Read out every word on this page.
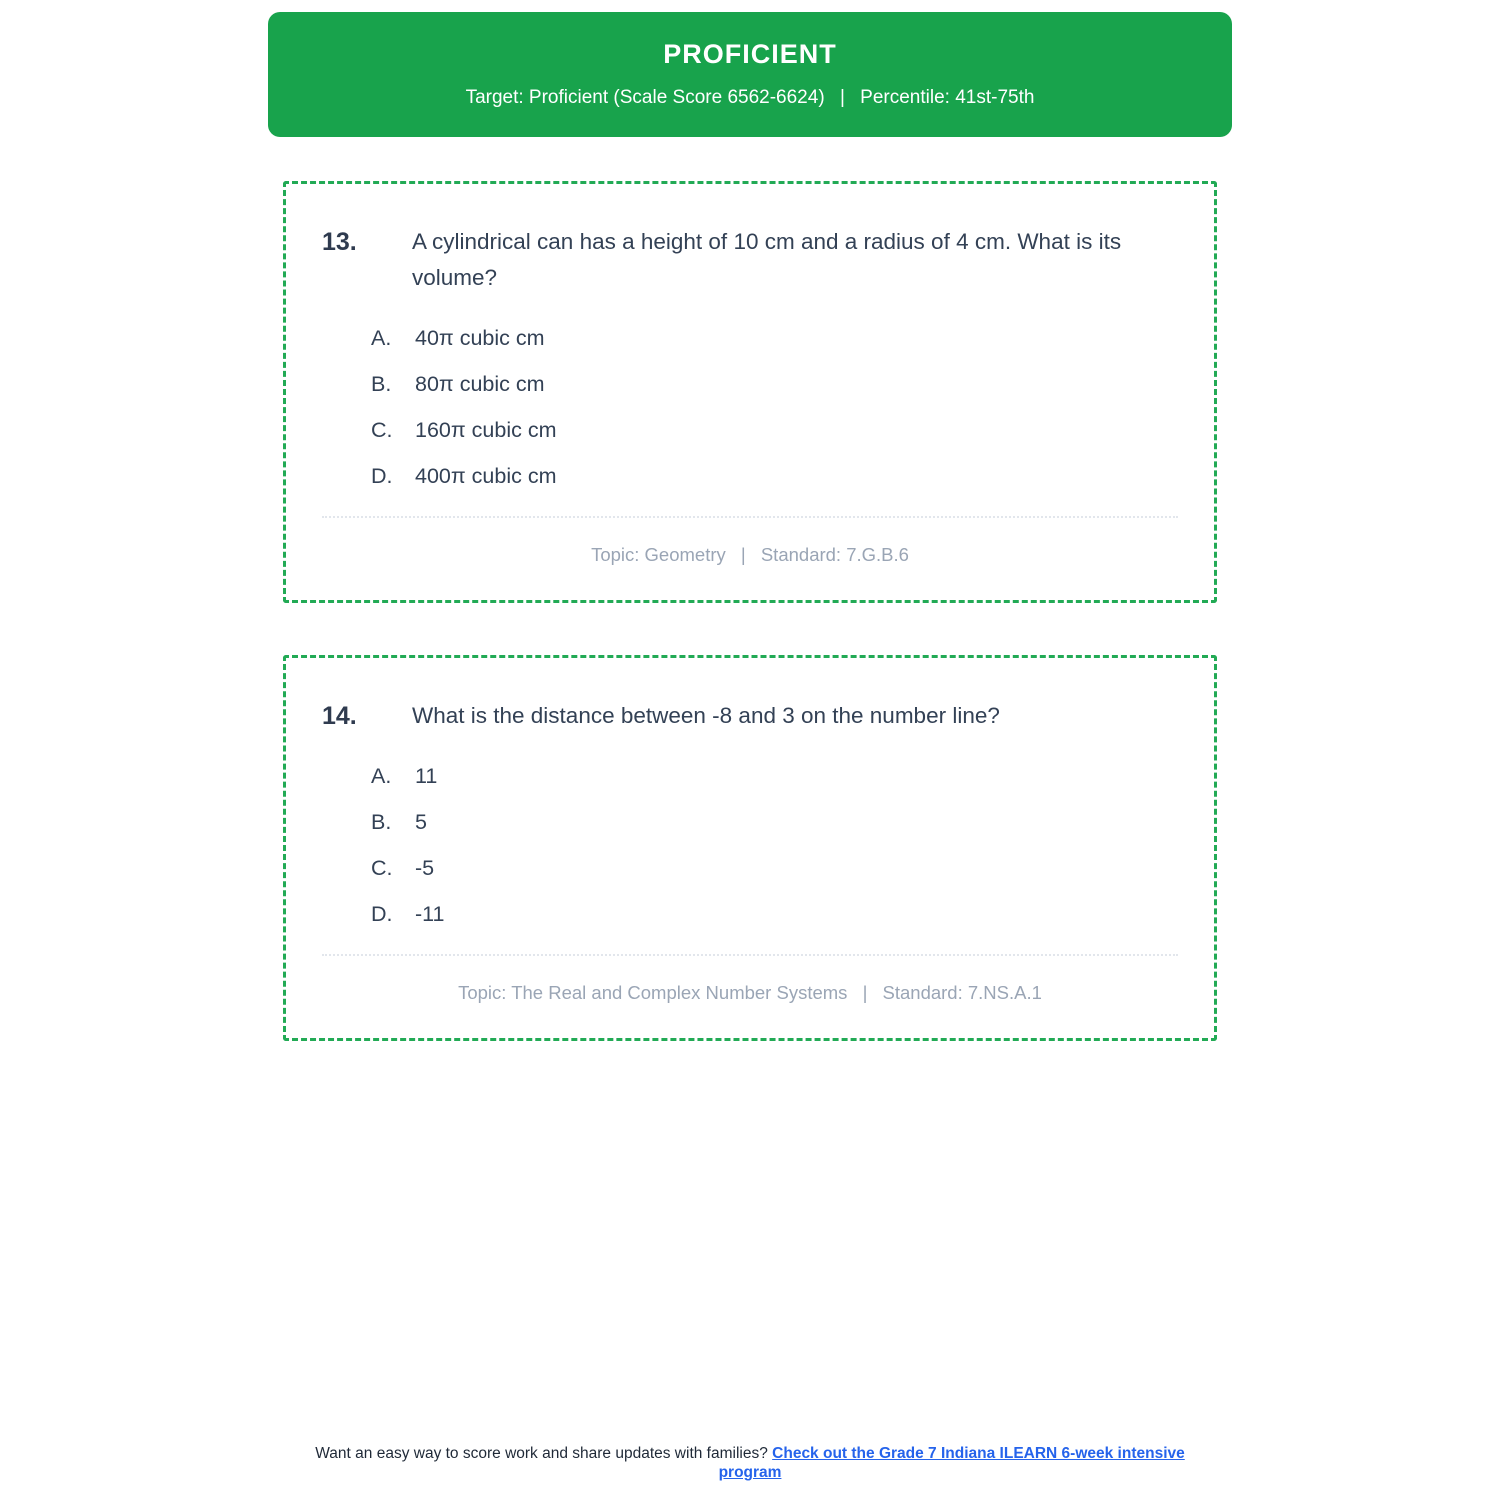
PROFICIENT
Target: Proficient (Scale Score 6562-6624) | Percentile: 41st-75th
13.	A cylindrical can has a height of 10 cm and a radius of 4 cm. What is its volume?
A.	40π cubic cm
B.	80π cubic cm
C.	160π cubic cm
D.	400π cubic cm
Topic: Geometry | Standard: 7.G.B.6
14.	What is the distance between -8 and 3 on the number line?
A.	11
B.	5
C.	-5
D.	-11
Topic: The Real and Complex Number Systems | Standard: 7.NS.A.1
Want an easy way to score work and share updates with families? Check out the Grade 7 Indiana ILEARN 6-week intensive program
